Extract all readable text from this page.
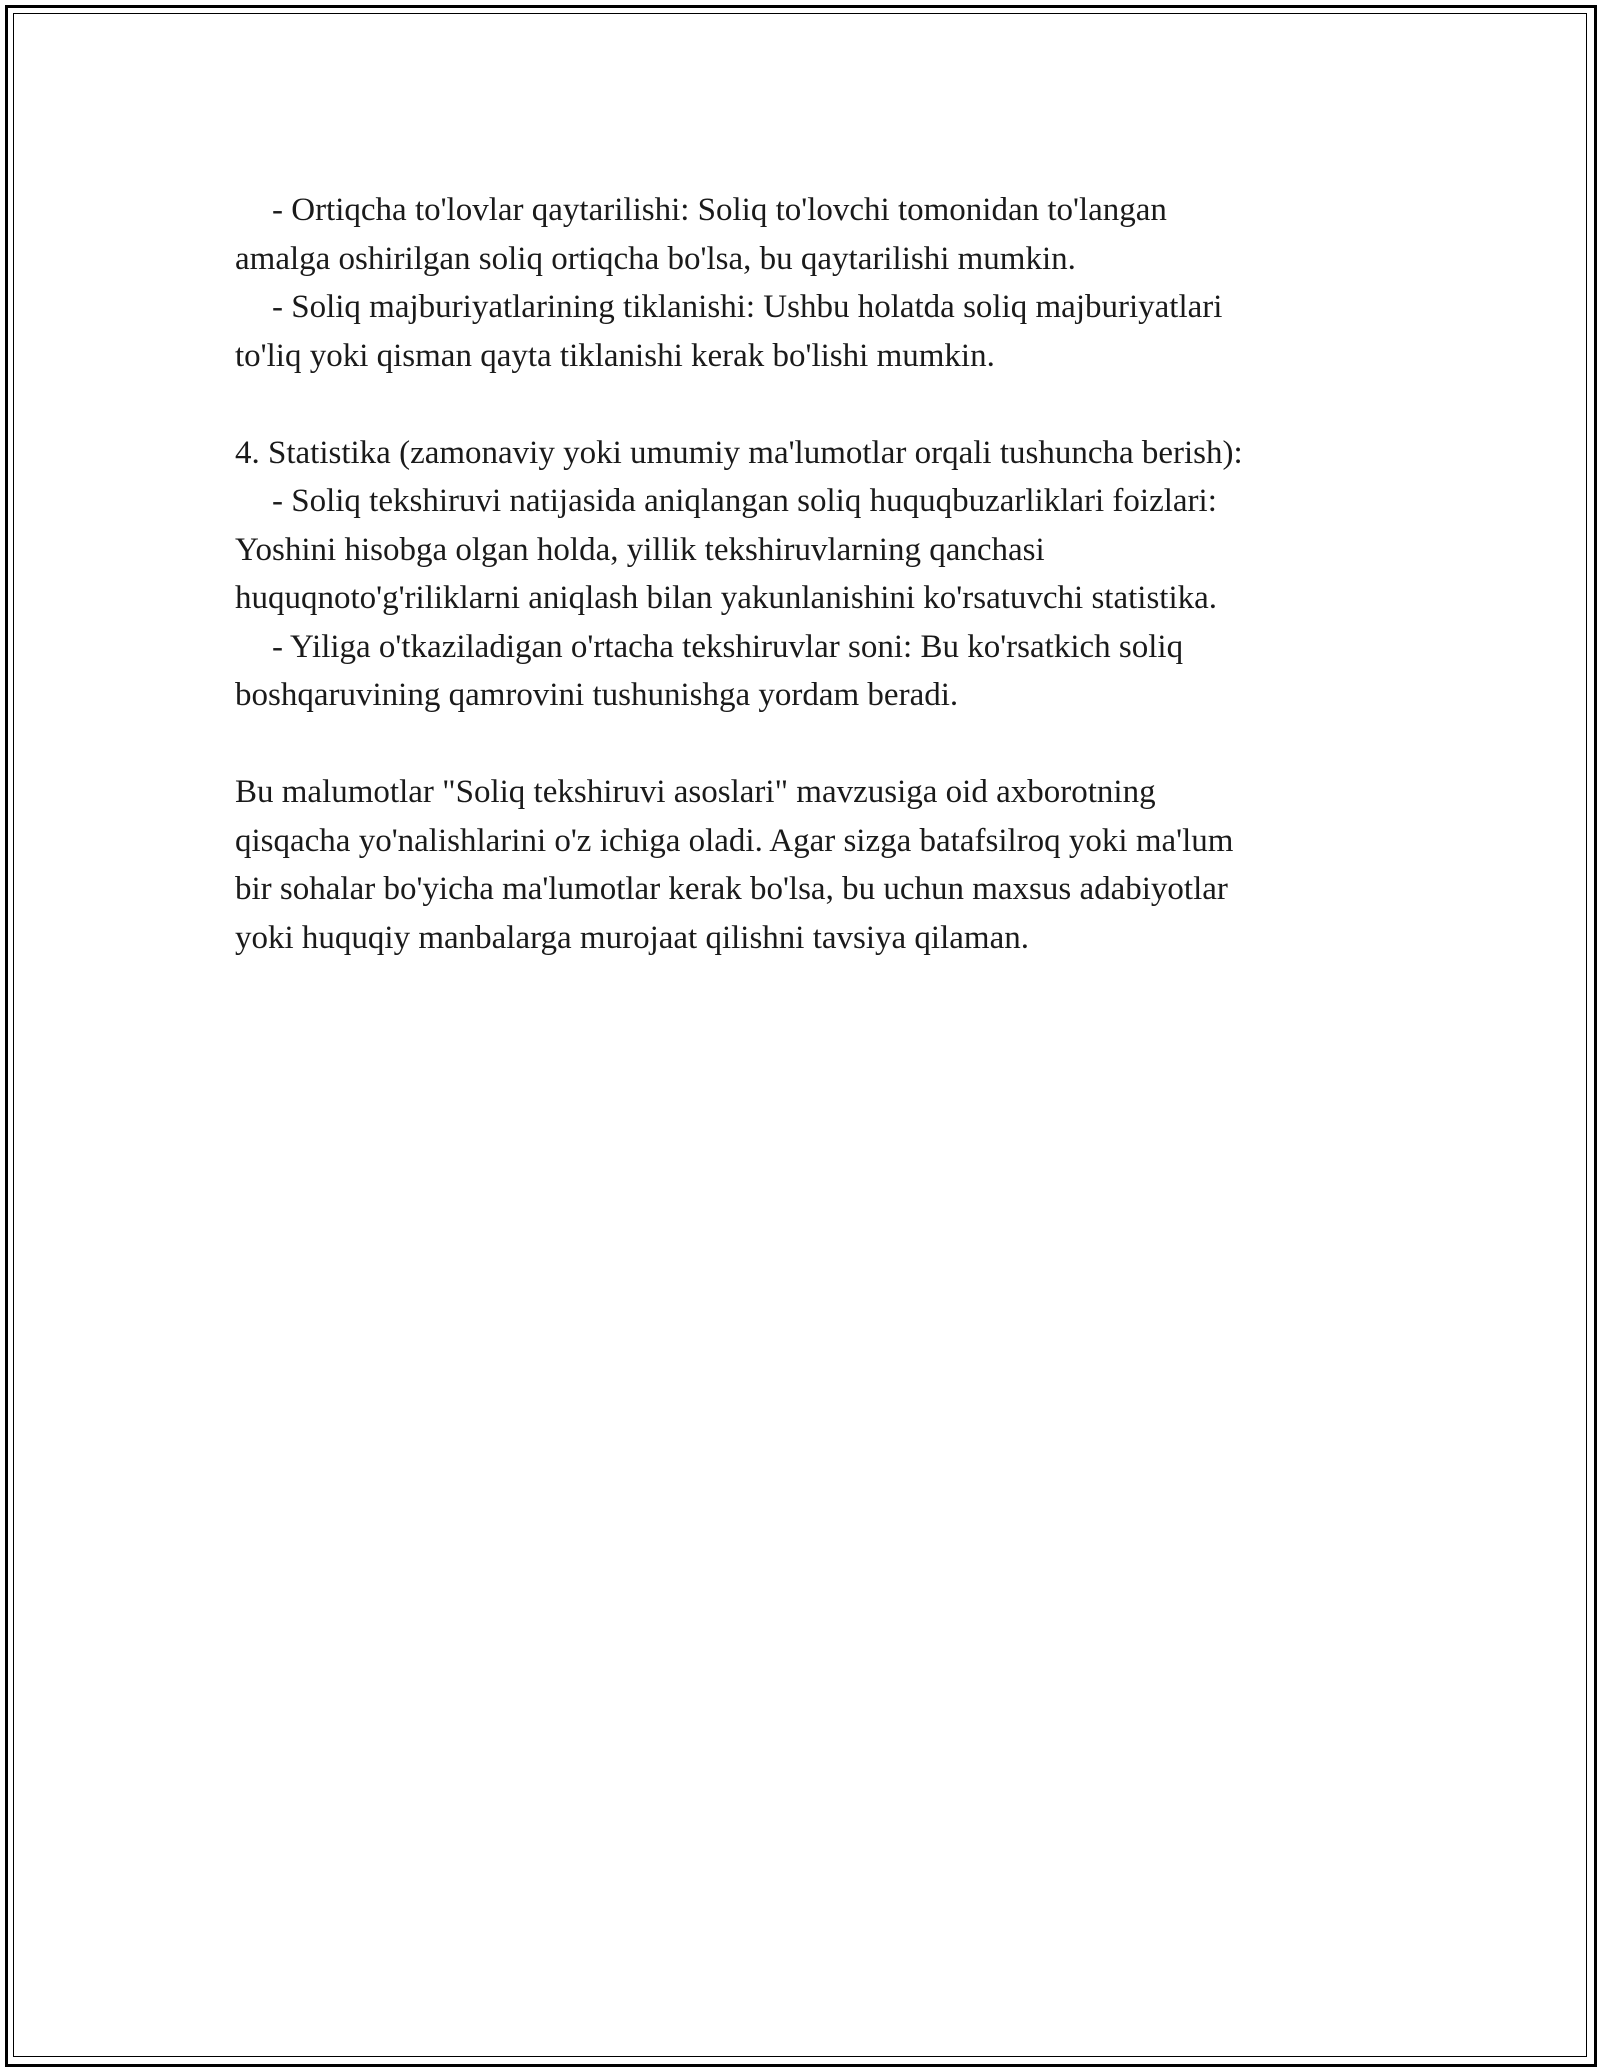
- Ortiqcha to'lovlar qaytarilishi: Soliq to'lovchi tomonidan to'langan
amalga oshirilgan soliq ortiqcha bo'lsa, bu qaytarilishi mumkin.
- Soliq majburiyatlarining tiklanishi: Ushbu holatda soliq majburiyatlari
to'liq yoki qisman qayta tiklanishi kerak bo'lishi mumkin.
4. Statistika (zamonaviy yoki umumiy ma'lumotlar orqali tushuncha berish):
- Soliq tekshiruvi natijasida aniqlangan soliq huquqbuzarliklari foizlari:
Yoshini hisobga olgan holda, yillik tekshiruvlarning qanchasi
huquqnoto'g'riliklarni aniqlash bilan yakunlanishini ko'rsatuvchi statistika.
- Yiliga o'tkaziladigan o'rtacha tekshiruvlar soni: Bu ko'rsatkich soliq
boshqaruvining qamrovini tushunishga yordam beradi.
Bu malumotlar "Soliq tekshiruvi asoslari" mavzusiga oid axborotning
qisqacha yo'nalishlarini o'z ichiga oladi. Agar sizga batafsilroq yoki ma'lum
bir sohalar bo'yicha ma'lumotlar kerak bo'lsa, bu uchun maxsus adabiyotlar
yoki huquqiy manbalarga murojaat qilishni tavsiya qilaman.
